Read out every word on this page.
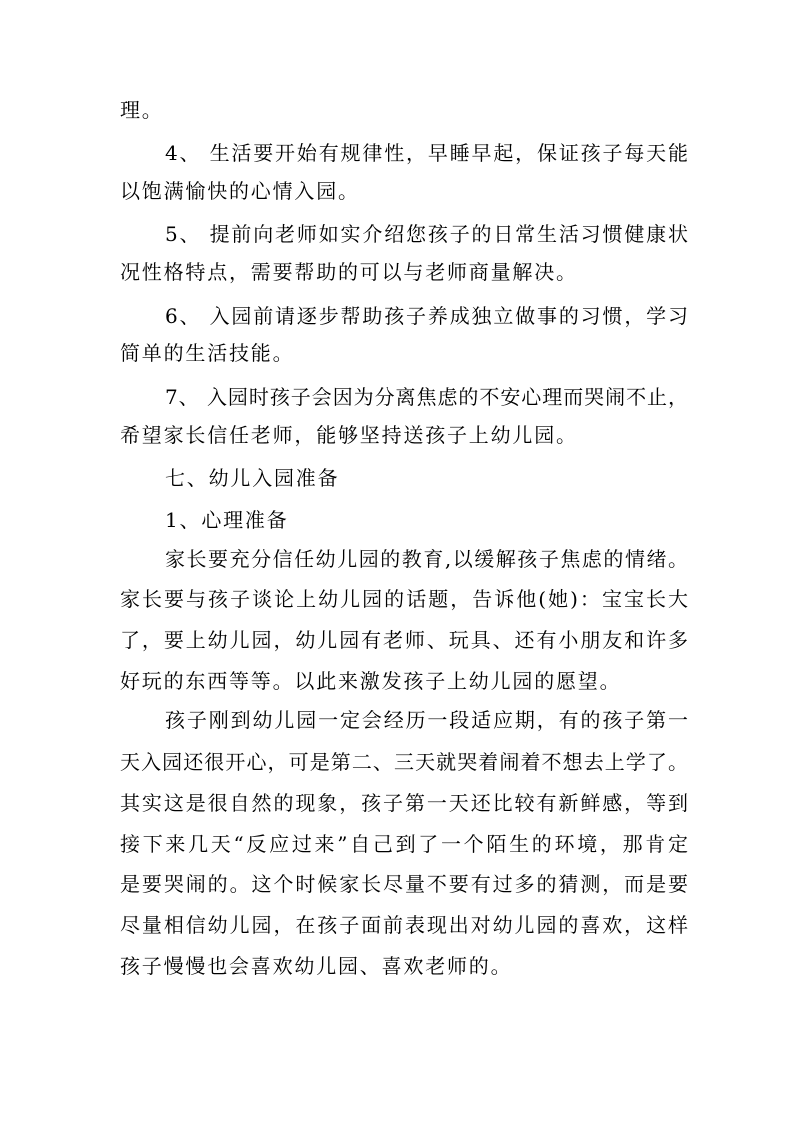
理。
4、 生活要开始有规律性，早睡早起，保证孩子每天能
以饱满愉快的心情入园。
5、 提前向老师如实介绍您孩子的日常生活习惯健康状
况性格特点，需要帮助的可以与老师商量解决。
6、 入园前请逐步帮助孩子养成独立做事的习惯，学习
简单的生活技能。
7、 入园时孩子会因为分离焦虑的不安心理而哭闹不止，
希望家长信任老师，能够坚持送孩子上幼儿园。
七、幼儿入园准备
1、心理准备
家长要充分信任幼儿园的教育,以缓解孩子焦虑的情绪。
家长要与孩子谈论上幼儿园的话题，告诉他(她)：宝宝长大
了，要上幼儿园，幼儿园有老师、玩具、还有小朋友和许多
好玩的东西等等。以此来激发孩子上幼儿园的愿望。
孩子刚到幼儿园一定会经历一段适应期，有的孩子第一
天入园还很开心，可是第二、三天就哭着闹着不想去上学了。
其实这是很自然的现象，孩子第一天还比较有新鲜感，等到
接下来几天“反应过来”自己到了一个陌生的环境，那肯定
是要哭闹的。这个时候家长尽量不要有过多的猜测，而是要
尽量相信幼儿园，在孩子面前表现出对幼儿园的喜欢，这样
孩子慢慢也会喜欢幼儿园、喜欢老师的。
